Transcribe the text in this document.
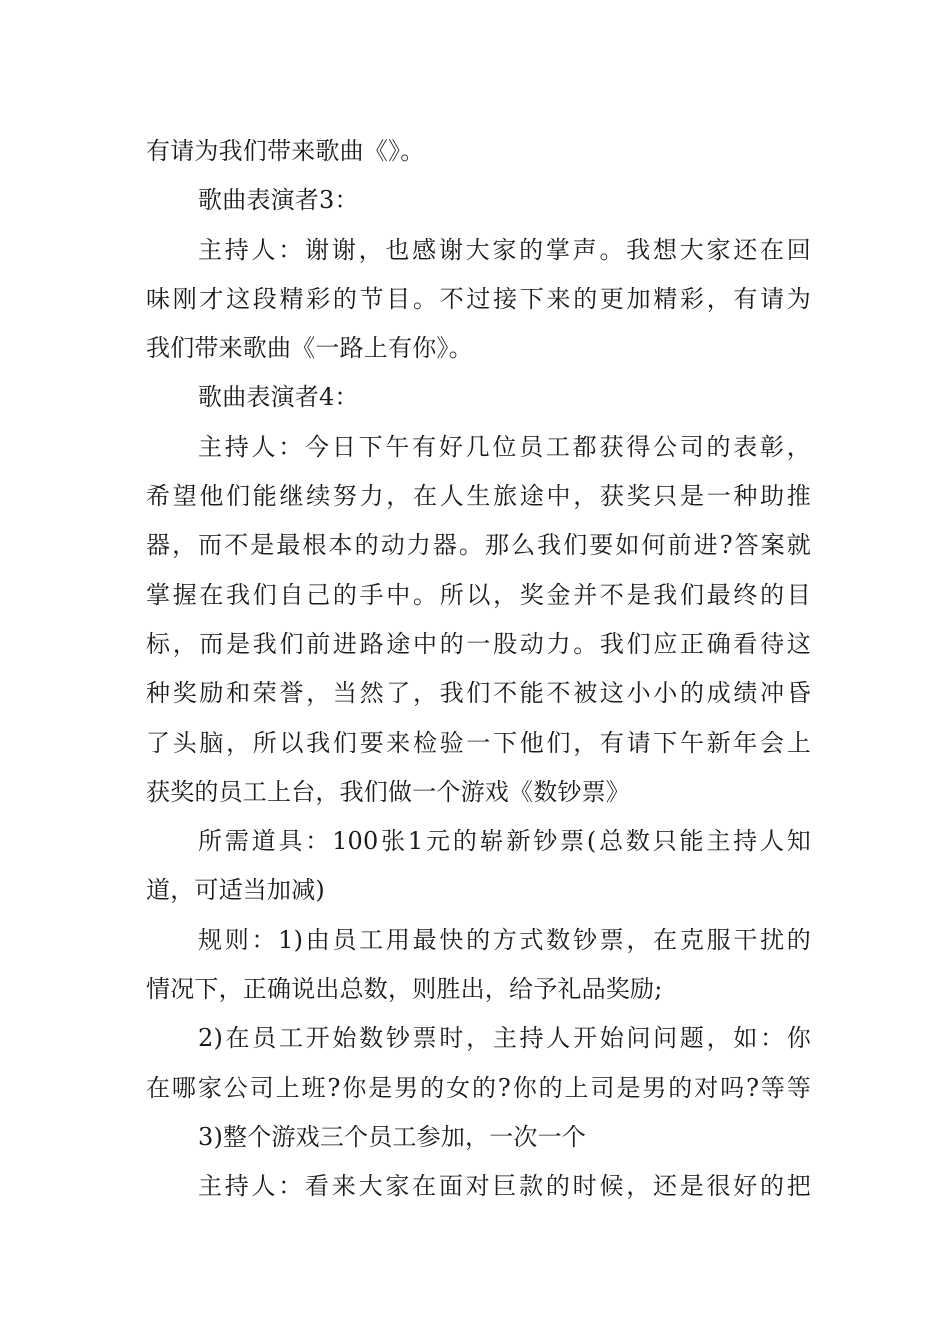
有请为我们带来歌曲《》。
歌曲表演者3：
主持人：谢谢，也感谢大家的掌声。我想大家还在回
味刚才这段精彩的节目。不过接下来的更加精彩，有请为
我们带来歌曲《一路上有你》。
歌曲表演者4：
主持人：今日下午有好几位员工都获得公司的表彰，
希望他们能继续努力，在人生旅途中，获奖只是一种助推
器，而不是最根本的动力器。那么我们要如何前进?答案就
掌握在我们自己的手中。所以，奖金并不是我们最终的目
标，而是我们前进路途中的一股动力。我们应正确看待这
种奖励和荣誉，当然了，我们不能不被这小小的成绩冲昏
了头脑，所以我们要来检验一下他们，有请下午新年会上
获奖的员工上台，我们做一个游戏《数钞票》
所需道具：100张1元的崭新钞票(总数只能主持人知
道，可适当加减)
规则：1)由员工用最快的方式数钞票，在克服干扰的
情况下，正确说出总数，则胜出，给予礼品奖励;
2)在员工开始数钞票时，主持人开始问问题，如：你
在哪家公司上班?你是男的女的?你的上司是男的对吗?等等
3)整个游戏三个员工参加，一次一个
主持人：看来大家在面对巨款的时候，还是很好的把
